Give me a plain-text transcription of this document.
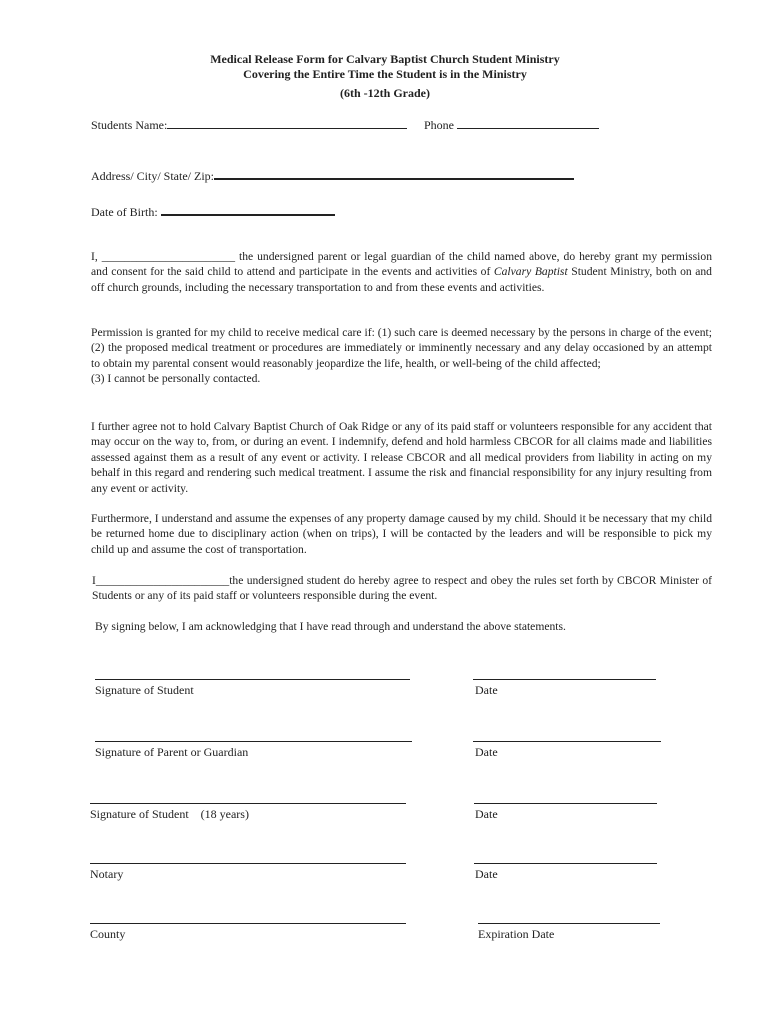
Medical Release Form for Calvary Baptist Church Student Ministry
Covering the Entire Time the Student is in the Ministry
(6th -12th Grade)
Students Name:	Phone
Address/ City/ State/ Zip:
Date of Birth:

I, _______________________ the undersigned parent or legal guardian of the child named above, do hereby grant my permission and consent for the said child to attend and participate in the events and activities of Calvary Baptist Student Ministry, both on and off church grounds, including the necessary transportation to and from these events and activities.

Permission is granted for my child to receive medical care if: (1) such care is deemed necessary by the persons in charge of the event; (2) the proposed medical treatment or procedures are immediately or imminently necessary and any delay occasioned by an attempt to obtain my parental consent would reasonably jeopardize the life, health, or well-being of the child affected;
(3) I cannot be personally contacted.

I further agree not to hold Calvary Baptist Church of Oak Ridge or any of its paid staff or volunteers responsible for any accident that may occur on the way to, from, or during an event. I indemnify, defend and hold harmless CBCOR for all claims made and liabilities assessed against them as a result of any event or activity. I release CBCOR and all medical providers from liability in acting on my behalf in this regard and rendering such medical treatment. I assume the risk and financial responsibility for any injury resulting from any event or activity.

Furthermore, I understand and assume the expenses of any property damage caused by my child. Should it be necessary that my child be returned home due to disciplinary action (when on trips), I will be contacted by the leaders and will be responsible to pick my child up and assume the cost of transportation.

I_______________________the undersigned student do hereby agree to respect and obey the rules set forth by CBCOR Minister of Students or any of its paid staff or volunteers responsible during the event.

By signing below, I am acknowledging that I have read through and understand the above statements.
Signature of Student	Date
Signature of Parent or Guardian	Date
Signature of Student    (18 years)	Date
Notary	Date
County	Expiration Date
